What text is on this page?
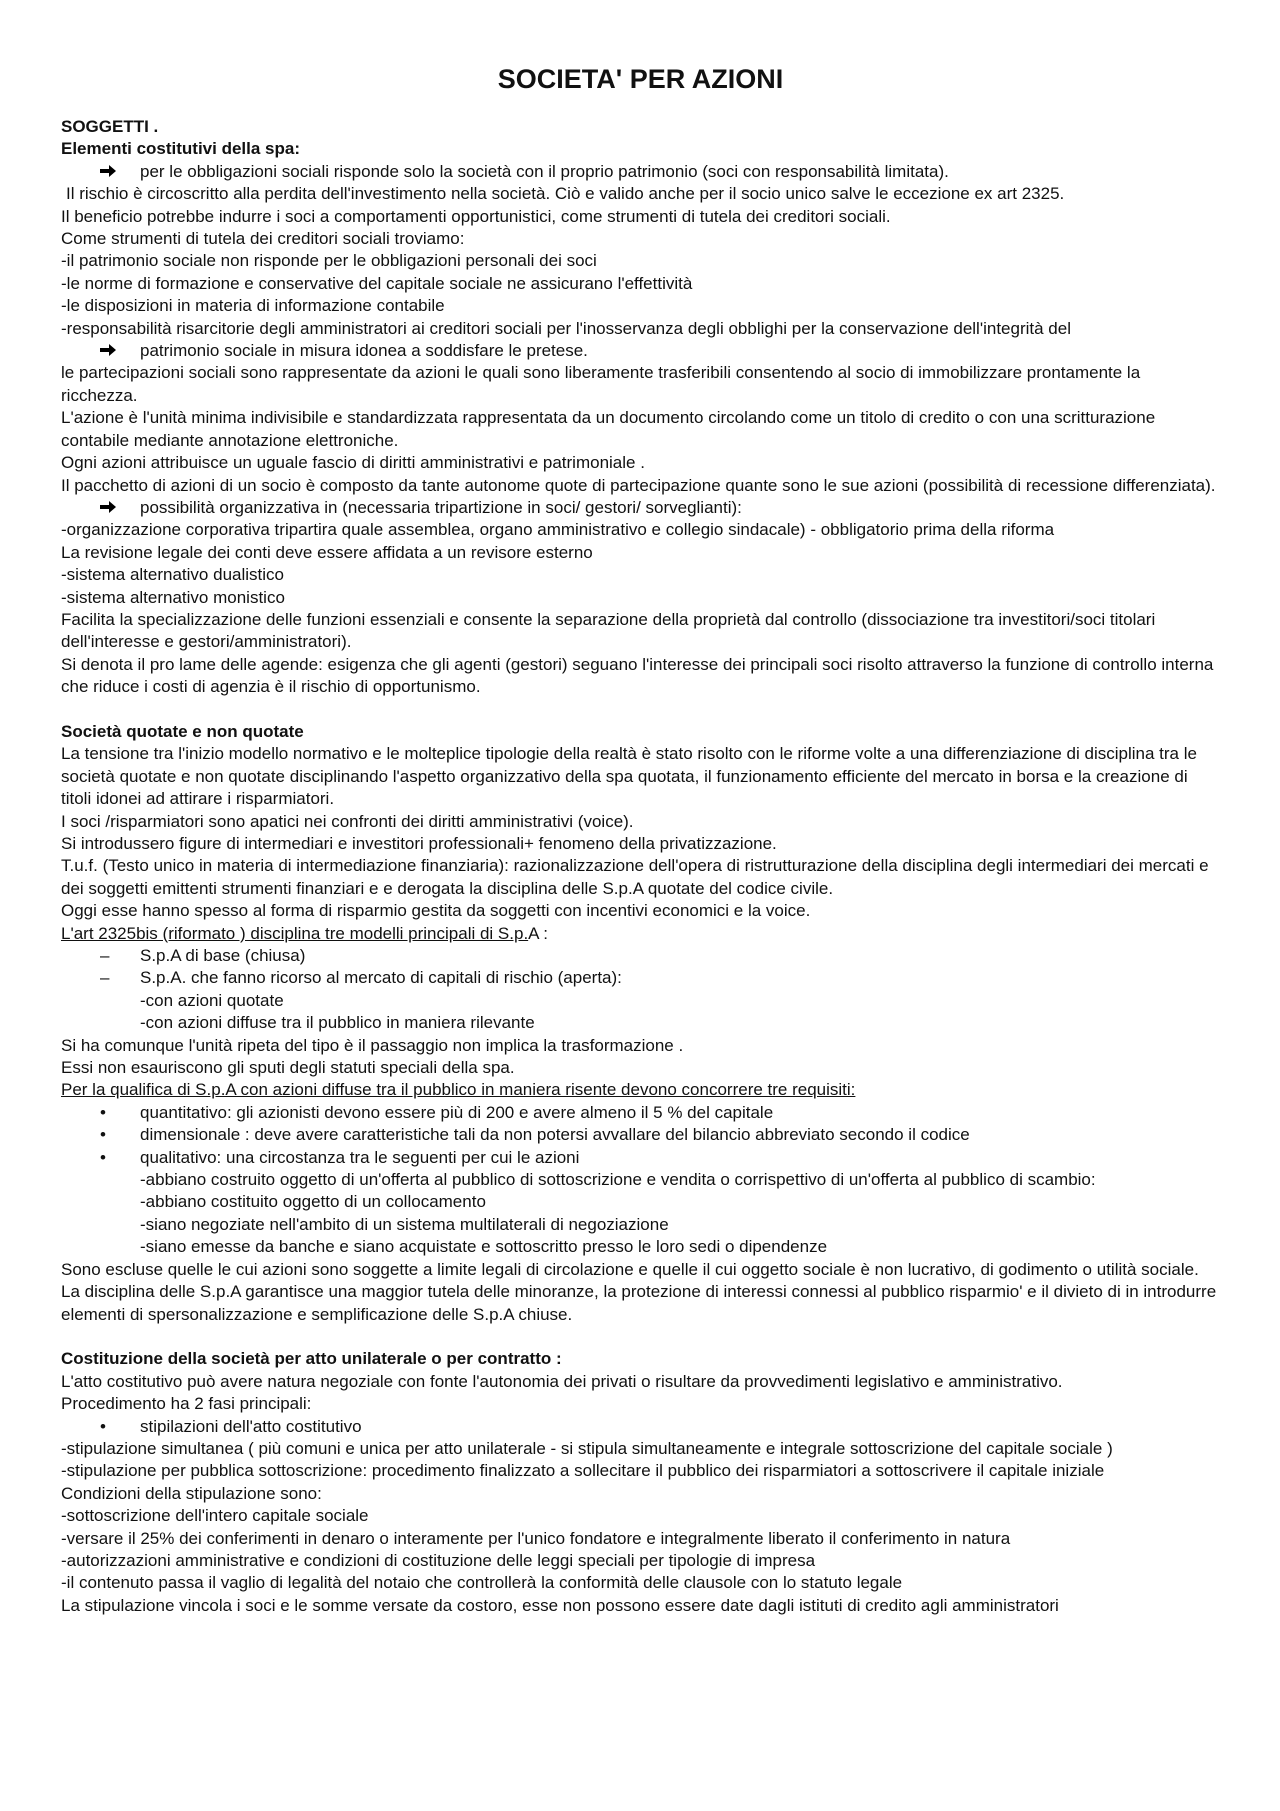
SOCIETA' PER AZIONI

SOGGETTI .

Elementi costitutivi della spa:

per le obbligazioni sociali risponde solo la società con il proprio patrimonio (soci con responsabilità limitata).

Il rischio è circoscritto alla perdita dell'investimento nella società. Ciò e valido anche per il socio unico salve le eccezione ex art 2325.

Il beneficio potrebbe indurre i soci a comportamenti opportunistici, come strumenti di tutela dei creditori sociali.

Come strumenti di tutela dei creditori sociali troviamo:

-il patrimonio sociale non risponde per le obbligazioni personali dei soci

-le norme di formazione e conservative del capitale sociale ne assicurano l'effettività

-le disposizioni in materia di informazione contabile

-responsabilità risarcitorie degli amministratori ai creditori sociali per l'inosservanza degli obblighi per la conservazione dell'integrità del

patrimonio sociale in misura idonea a soddisfare le pretese.

le partecipazioni sociali sono rappresentate da azioni le quali sono liberamente trasferibili consentendo al socio di immobilizzare prontamente la ricchezza.

L'azione è l'unità minima indivisibile e standardizzata rappresentata da un documento circolando come un titolo di credito o con una scritturazione contabile mediante annotazione elettroniche.

Ogni azioni attribuisce un uguale fascio di diritti amministrativi e patrimoniale .

Il pacchetto di azioni di un socio è composto da tante autonome quote di partecipazione quante sono le sue azioni (possibilità di recessione differenziata).

possibilità organizzativa in (necessaria tripartizione in soci/ gestori/ sorveglianti):

-organizzazione corporativa tripartira quale assemblea, organo amministrativo e collegio sindacale) - obbligatorio prima della riforma

La revisione legale dei conti deve essere affidata a un revisore esterno

-sistema alternativo dualistico

-sistema alternativo monistico

Facilita la specializzazione delle funzioni essenziali e consente la separazione della proprietà dal controllo (dissociazione tra investitori/soci titolari dell'interesse e gestori/amministratori).

Si denota il pro lame delle agende: esigenza che gli agenti (gestori) seguano l'interesse dei principali soci risolto attraverso la funzione di controllo interna che riduce i costi di agenzia è il rischio di opportunismo.

Società quotate e non quotate

La tensione tra l'inizio modello normativo e le molteplice tipologie della realtà è stato risolto con le riforme volte a una differenziazione di disciplina tra le società quotate e non quotate disciplinando l'aspetto organizzativo della spa quotata, il funzionamento efficiente del mercato in borsa e la creazione di titoli idonei ad attirare i risparmiatori.

I soci /risparmiatori sono apatici nei confronti dei diritti amministrativi (voice).

Si introdussero figure di intermediari e investitori professionali+ fenomeno della privatizzazione.

T.u.f. (Testo unico in materia di intermediazione finanziaria): razionalizzazione dell'opera di ristrutturazione della disciplina degli intermediari dei mercati e dei soggetti emittenti strumenti finanziari e e derogata la disciplina delle S.p.A quotate del codice civile.

Oggi esse hanno spesso al forma di risparmio gestita da soggetti con incentivi economici e la voice.

L'art 2325bis (riformato ) disciplina tre modelli principali di S.p.A :

–	S.p.A di base (chiusa)
–	S.p.A. che fanno ricorso al mercato di capitali di rischio (aperta):

-con azioni quotate

-con azioni diffuse tra il pubblico in maniera rilevante

Si ha comunque l'unità ripeta del tipo è il passaggio non implica la trasformazione .

Essi non esauriscono gli sputi degli statuti speciali della spa.

Per la qualifica di S.p.A con azioni diffuse tra il pubblico in maniera risente devono concorrere tre requisiti:

•	quantitativo: gli azionisti devono essere più di 200 e avere almeno il 5 % del capitale
•	dimensionale : deve avere caratteristiche tali da non potersi avvallare del bilancio abbreviato secondo il codice
•	qualitativo: una circostanza tra le seguenti per cui le azioni

-abbiano costruito oggetto di un'offerta al pubblico di sottoscrizione e vendita o corrispettivo di un'offerta al pubblico di scambio:

-abbiano costituito oggetto di un collocamento

-siano negoziate nell'ambito di un sistema multilaterali di negoziazione

-siano emesse da banche e siano acquistate e sottoscritto presso le loro sedi o dipendenze

Sono escluse quelle le cui azioni sono soggette a limite legali di circolazione e quelle il cui oggetto sociale è non lucrativo, di godimento o utilità sociale.

La disciplina delle S.p.A garantisce una maggior tutela delle minoranze, la protezione di interessi connessi al pubblico risparmio' e il divieto di in introdurre elementi di spersonalizzazione e semplificazione delle S.p.A chiuse.

Costituzione della società per atto unilaterale o per contratto :

L'atto costitutivo può avere natura negoziale con fonte l'autonomia dei privati o risultare da provvedimenti legislativo e amministrativo.

Procedimento ha 2 fasi principali:

•	stipilazioni dell'atto costitutivo

-stipulazione simultanea ( più comuni e unica per atto unilaterale - si stipula simultaneamente e integrale sottoscrizione del capitale sociale )

-stipulazione per pubblica sottoscrizione: procedimento finalizzato a sollecitare il pubblico dei risparmiatori a sottoscrivere il capitale iniziale

Condizioni della stipulazione sono:

-sottoscrizione dell'intero capitale sociale

-versare il 25% dei conferimenti in denaro o interamente per l'unico fondatore e integralmente liberato il conferimento in natura

-autorizzazioni amministrative e condizioni di costituzione delle leggi speciali per tipologie di impresa

-il contenuto passa il vaglio di legalità del notaio che controllerà la conformità delle clausole con lo statuto legale

La stipulazione vincola i soci e le somme versate da costoro, esse non possono essere date dagli istituti di credito agli amministratori
